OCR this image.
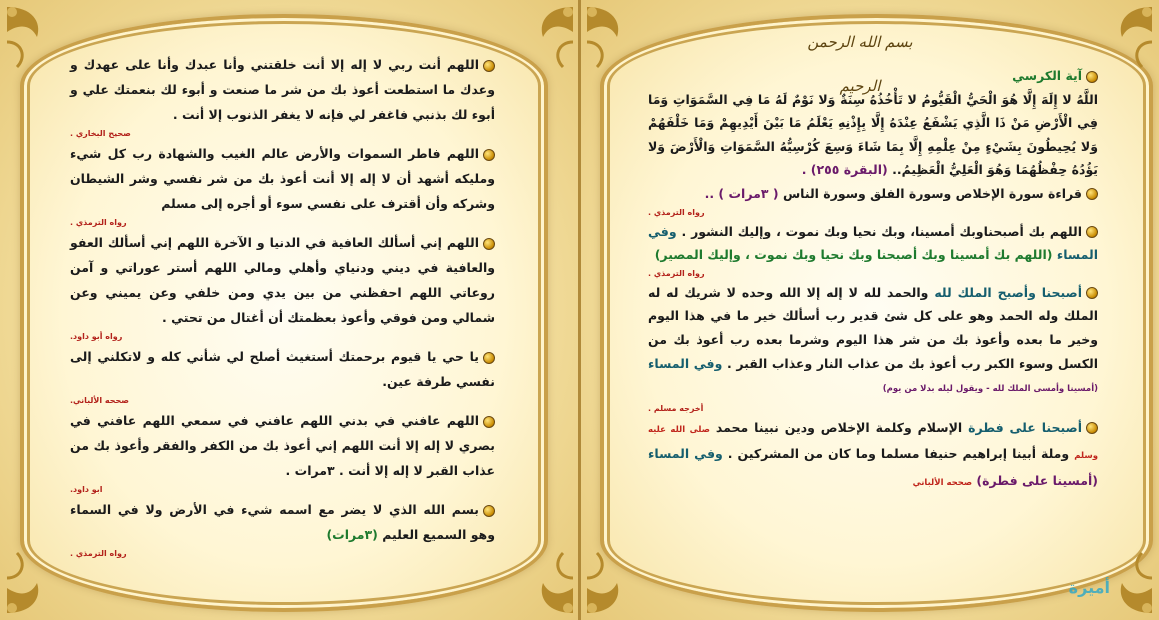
بسم الله الرحمن الرحيم

اللهم أنت ربي لا إله إلا أنت خلقتني وأنا عبدك وأنا على عهدك و وعدك ما استطعت أعوذ بك من شر ما صنعت و أبوء لك بنعمتك علي و أبوء لك بذنبي فاغفر لي فإنه لا يغفر الذنوب إلا أنت .
صحيح البخاري .

اللهم فاطر السموات والأرض عالم الغيب والشهادة رب كل شيء ومليكه أشهد أن لا إله إلا أنت أعوذ بك من شر نفسي وشر الشيطان وشركه وأن أقترف على نفسي سوء أو أجره إلى مسلم
رواه الترمذي .

اللهم إني أسألك العافية في الدنيا و الآخرة اللهم إني أسألك العفو والعافية في ديني ودنياي وأهلي ومالي اللهم أستر عوراتي و آمن روعاتي اللهم احفظني من بين يدي ومن خلفي وعن يميني وعن شمالي ومن فوقي وأعوذ بعظمتك أن أغتال من تحتي .
رواه أبو داود.

يا حي يا قيوم برحمتك أستغيث أصلح لي شأني كله و لاتكلني إلى نفسي طرفة عين.
صححه الألباني.

اللهم عافني في بدني اللهم عافني في سمعي اللهم عافني في بصري لا إله إلا أنت اللهم إني أعوذ بك من الكفر والفقر وأعوذ بك من عذاب القبر لا إله إلا أنت . ٣مرات .
ابو داود.

بسم الله الذي لا يضر مع اسمه شيء في الأرض ولا في السماء وهو السميع العليم (٣مرات)
رواه الترمذي .

آية الكرسي
اللَّهُ لا إِلَهَ إِلَّا هُوَ الْحَيُّ الْقَيُّومُ لا تَأْخُذُهُ سِنَةٌ وَلا نَوْمٌ لَهُ مَا فِي السَّمَوَاتِ وَمَا فِي الْأَرْضِ مَنْ ذَا الَّذِي يَشْفَعُ عِنْدَهُ إِلَّا بِإِذْنِهِ يَعْلَمُ مَا بَيْنَ أَيْدِيهِمْ وَمَا خَلْفَهُمْ وَلا يُحِيطُونَ بِشَيْءٍ مِنْ عِلْمِهِ إِلَّا بِمَا شَاءَ وَسِعَ كُرْسِيُّهُ السَّمَوَاتِ وَالْأَرْضَ وَلا يَؤُدُهُ حِفْظُهُمَا وَهُوَ الْعَلِيُّ الْعَظِيمُ.. (البقرة ٢٥٥) .

قراءة سورة الإخلاص وسورة الفلق وسورة الناس ( ٣مرات ) ..
رواه الترمذي .

اللهم بك أصبحناوبك أمسينا، وبك نحيا وبك نموت ، وإليك النشور . وفي المساء (اللهم بك أمسينا وبك أصبحنا وبك نحيا وبك نموت ، وإليك المصير)
رواه الترمذي .

أصبحنا وأصبح الملك لله والحمد لله لا إله إلا الله وحده لا شريك له له الملك وله الحمد وهو على كل شئ قدير رب أسألك خير ما في هذا اليوم وخير ما بعده وأعوذ بك من شر هذا اليوم وشرما بعده رب أعوذ بك من الكسل وسوء الكبر رب أعوذ بك من عذاب النار وعذاب القبر . وفي المساء (أمسينا وأمسى الملك لله - ويقول ليله بدلا من يوم)
أخرجه مسلم .

أصبحنا على فطرة الإسلام وكلمة الإخلاص ودين نبينا محمد صلى الله عليه وسلم وملة أبينا إبراهيم حنيفا مسلما وما كان من المشركين . وفي المساء (أمسينا على فطرة) صححه الألباني

أميرة
